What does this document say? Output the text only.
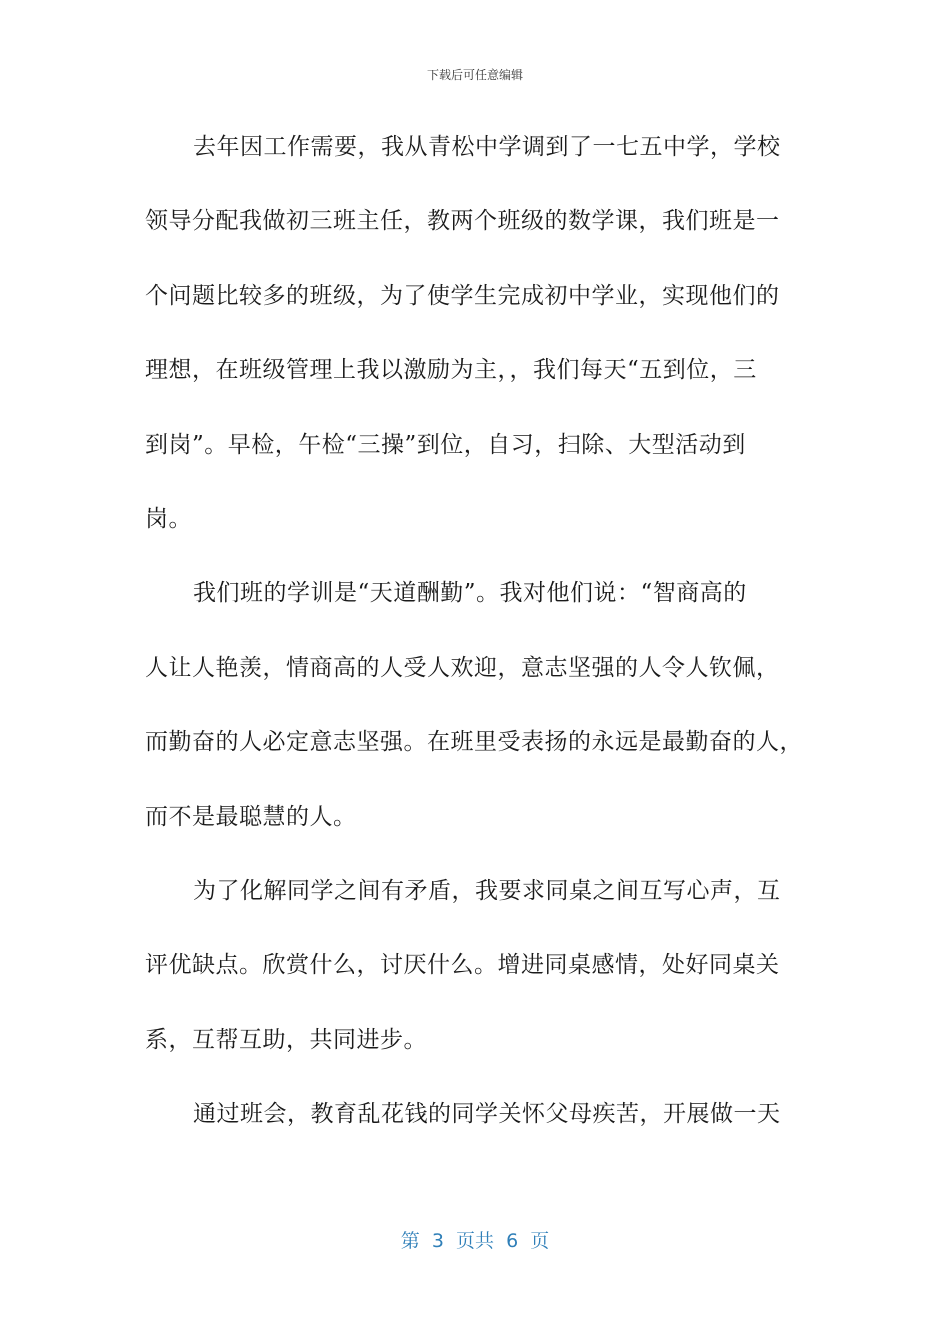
下载后可任意编辑
去年因工作需要，我从青松中学调到了一七五中学，学校
领导分配我做初三班主任，教两个班级的数学课，我们班是一
个问题比较多的班级，为了使学生完成初中学业，实现他们的
理想，在班级管理上我以激励为主，，我们每天“五到位，三
到岗”。早检，午检“三操”到位，自习，扫除、大型活动到
岗。
我们班的学训是“天道酬勤”。我对他们说：“智商高的
人让人艳羡，情商高的人受人欢迎，意志坚强的人令人钦佩，
而勤奋的人必定意志坚强。在班里受表扬的永远是最勤奋的人，
而不是最聪慧的人。
为了化解同学之间有矛盾，我要求同桌之间互写心声，互
评优缺点。欣赏什么，讨厌什么。增进同桌感情，处好同桌关
系，互帮互助，共同进步。
通过班会，教育乱花钱的同学关怀父母疾苦，开展做一天
第  3  页共  6  页
